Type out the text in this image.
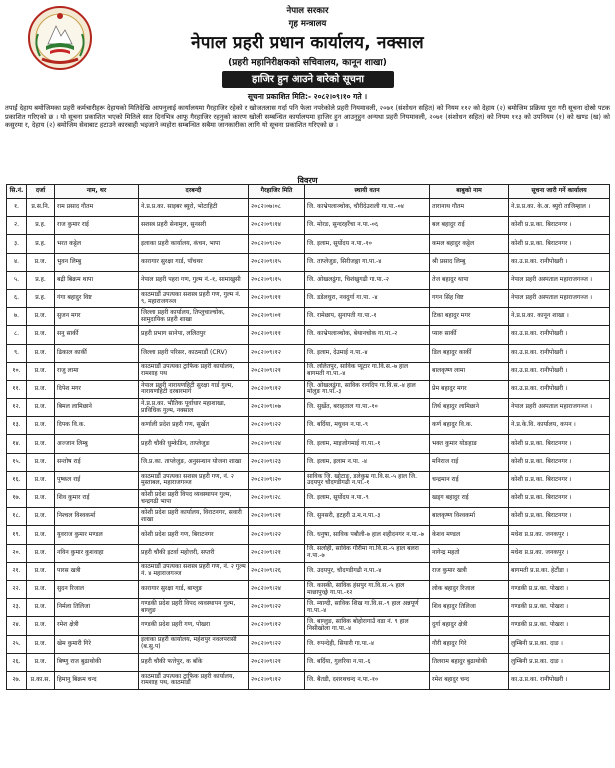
नेपाल सरकार
गृह मन्त्रालय
नेपाल प्रहरी प्रधान कार्यालय, नक्साल
(प्रहरी महानिरीक्षकको सचिवालय, कानून शाखा)
हाजिर हुन आउने बारेको सूचना
सूचना प्रकाशित मिति:- २०८२।०९।१० गते ।

तपाईं देहाय बमोजिमका प्रहरी कर्मचारीहरू देहायको मितिदेखि आफ्नुलाई कार्यालयमा गैरहाजिर रहेको र खोजतलास गर्दा पनि फेला नपरेकोले प्रहरी नियमावली, २०७१ (संशोधन सहित) को नियम ११२ को देहाय (२) बमोजिम प्रक्रिया पूरा गरी सूचना दोस्रो पटक प्रकाशित गरिएको छ । यो सूचना प्रकाशित भएको मितिले सात दिनभित्र आफू गैरहाजिर रहनुको कारण खोली सम्बन्धित कार्यालयमा हाजिर हुन आउनुहुन अन्यथा प्रहरी नियमावली, २०७१ (संशोधन सहित) को नियम ११३ को उपनियम (१) को खण्ड (ख) को कसुरमा र, देहाय (२) बमोजिम सेवाबाट हटाउने कारबाही भइजाने व्यहोरा सम्बन्धित सबैमा जानकारीका लागि यो सूचना प्रकाशित गरिएको छ ।

विवरण
सि.नं.	दर्जा	नाम, थर	दरबन्दी	गैरहाजिर मिति	स्थायी वतन	बाबुको नाम	सूचना जारी गर्ने कार्यालय
१.	प्र.स.नि.	राम प्रसाद गौतम	ने.प्र.प्र.का. साइबर ब्युरो, भोटाहिटी	२०८२।०७।०८	जि. काभ्रेपलाञ्चोक, चौरीदेउराली गा.पा.-०४	तारानाथ गौतम	ने.प्र.प्र.का. के.अ. ब्युरो ताजिम्हाल ।
२.	प्र.ह.	राज कुमार राई	सशस्त्र प्रहरी सेनामुल, सुनसरी	२०८२।०९।१४	जि. मोरङ, सुन्दरहरैंचा न.पा.-०६	बल बहादुर राई	कोशी प्र.प्र.का. बिराटनगर ।
३.	प्र.ह.	भरत कट्टेल	इलाका प्रहरी कार्यालय, कंचन, भापा	२०८२।०९।२०	जि. इलाम, सूर्योदय न.पा.-१०	कमल बहादुर कट्टेल	कोशी प्र.प्र.का. बिराटनगर ।
४.	प्र.ज.	भुवन लिम्बु	कारागार सुरक्षा गार्ड, पाँचथर	२०८२।०९।१५	जि. ताप्लेजुङ, सिरीजङ्गा गा.पा.-४	श्री प्रसाद लिम्बु	का.उ.प्र.का. रानीपोखरी ।
५.	प्र.ह.	बद्री बिक्रम थापा	नेपाल प्रहरी पहरा गण, गुल्म नं.-१, सामाखुसी	२०८२।०९।१५	जि. ओखलढुंगा, चिशंखुगढी गा.पा.-२	तेज बहादुर थापा	नेपाल प्रहरी अस्पताल महाराजगञ्ज ।
६.	प्र.ह.	गंगा बहादुर विष्ट	काठमाडौं उपत्यका सशस्त्र प्रहरी गण, गुल्म नं. ९, महाराजगञ्ज	२०८२।०९।११	जि. डडेलधुरा, नवदुर्गा गा.पा. -४	गगन सिंह विष्ट	नेपाल प्रहरी अस्पताल महाराजगञ्ज ।
७.	प्र.ज.	सुजन मगर	जिल्ला प्रहरी कार्यालय, तिप्लुचाल्चोक, सामुदायिक प्रहरी शाखा	२०८२।०९।०१	जि. रामेछाप, सुनापती गा.पा.-१	टिका बहादुर मगर	ने.प्र.प्र.का. कानून शाखा ।
८.	प्र.ज.	सनु सार्की	प्रहरी प्रभाग सानेपा, ललितपुर	२०८२।०९।११	जि. काभ्रेपलाञ्चोक, बेथानचोक गा.पा.-२	प्यारु सार्की	का.उ.प्र.का. रानीपोखरी ।
९.	प्र.ज.	ढिकाल कार्की	जिल्ला प्रहरी परिसर, काठमाडौं (CRV)	२०८२।०९।१२	जि. इलाम, देउमाई न.पा.-४	डिल बहादुर कार्की	का.उ.प्र.का. रानीपोखरी ।
१०.	प्र.ज.	राजु लामा	काठमाडौं उपत्यका ट्राफिक प्रहरी कार्यालय, रामशाह पथ	२०८२।०९।२१	जि. ललितपुर, साविक प्यूटार गा.वि.स.-७ हाल बागमती गा.पा.-४	बालकृष्ण लामा	का.उ.प्र.का. रानीपोखरी ।
११.	प्र.ज.	दिपेश मगर	नेपाल प्रहरी नारायणहिटी सुरक्षा गार्ड गुल्म, नारायणहिटी दरबारमार्ग	२०८२।०९।१२	जि. ओखलढुंगा, साविक रागदिप गा.वि.स.-४ हाल मोलुङ गा.पा.-३	प्रेम बहादुर मगर	का.उ.प्र.का. रानीपोखरी ।
१२.	प्र.ज.	बिमल लामिछाने	ने.प्र.प्र.का. भौतिक पूर्वाधार महाशाखा, प्राविधिक गुल्म, नक्साल	२०८२।०९।०७	जि. सुर्खेत, बराहताल गा.पा.-१०	तिर्थ बहादुर लामिछाने	नेपाल प्रहरी अस्पताल महाराजगञ्ज ।
१३.	प्र.ज.	दिपक वि.क.	कर्णाली प्रदेश प्रहरी गण, सुर्खेत	२०८२।०९।२२	जि. बर्दिया, मधुवन न.पा.-९	कर्ण बहादुर वि.क.	ने.प्र.के.वि. कार्यालय, कपन ।
१४.	प्र.ज.	अज्जान लिम्बु	प्रहरी चौकी धुम्केडिन, ताप्लेजुङ	२०८२।०९।२४	जि. इलाम, माइजोगमाई गा.पा.-१	भक्त कुमार योङहाङ	कोशी प्र.प्र.का. बिराटनगर ।
१५.	प्र.ज.	सन्तोष राई	जि.प्र.का. ताप्लेजुङ, अनुसन्धान योजना शाखा	२०८२।०९।२३	जि. इलाम, इलाम न.पा. -४	मनिराज राई	कोशी प्र.प्र.का. बिराटनगर ।
१६.	प्र.ज.	पुष्कल राई	काठमाडौं उपत्यका सशस्त्र प्रहरी गण, नं. २ मुस्ताबल, महाराजगञ्ज	२०८२।०९।२०	साविक जि. खोटाङ, डलेकुम्र गा.वि.स.-५ हाल जि. उदयपुर चौदण्डीगढी न.पा.-१	चन्द्रमान राई	कोशी प्र.प्र.का. बिराटनगर ।
१७.	प्र.ज.	शिव कुमार राई	कोशी प्रदेश प्रहरी विपद व्यवस्थापन गुल्म, चन्द्रगढी भापा	२०८२।०९।२८	जि. इलाम, सूर्योदय न.पा.-९	खड्ग बहादुर राई	कोशी प्र.प्र.का. बिराटनगर ।
१८.	प्र.ज.	निश्चल विश्वकर्मा	कोशी प्रदेश प्रहरी कार्यालय, विराटनगर, सवारी शाखा	२०८२।०९।२१	जि. सुनसरी, इटहरी उ.म.न.पा.-३	बालकृष्ण विश्वकर्मा	कोशी प्र.प्र.का. बिराटनगर ।
१९.	प्र.ज.	युवराज कुमार मण्डल	कोशी प्रदेश प्रहरी गण, बिराटनगर	२०८२।०९।२२	जि. धनुषा, साविक पबौली-७ हाल शहीदनगर न.पा.-७	केशव मण्डल	मधेश प्र.प्र.का. जनकपुर ।
२०.	प्र.ज.	नविन कुमार कुशवाहा	प्रहरी चौकी इटर्वा महोत्तरी, सप्तरी	२०८२।०९।२१	जि. सर्लाही, साविक गौरीमा गा.वि.स.-५ हाल बलरा न.पा.-७	नागेन्द्र महतो	मधेश प्र.प्र.का. जनकपुर ।
२१.	प्र.ज.	पारस खत्री	काठमाडौं उपत्यका सशस्त्र प्रहरी गण, नं. २ गुल्म नं. ४ महाराजगञ्ज	२०८२।०९।२६	जि. उदयपुर, चौदण्डीगढी न.पा.-४	राज कुमार खत्री	बागमती प्र.प्र.का. हेटौंडा ।
२२.	प्र.ज.	सुदन रिजाल	कारागार सुरक्षा गार्ड, बाग्लुङ	२०८२।०९।२४	जि. कास्की, साविक हंसपुर गा.वि.स.-५ हाल माछापुच्छ्रे गा.पा.-१२	लोक बहादुर रिजाल	गण्डकी प्र.प्र.का. पोखरा ।
२३.	प्र.ज.	निर्मला तिलिजा	गण्डकी प्रदेश प्रहरी विपद व्यवस्थापन गुल्म, बाग्लुङ	२०८२।०९।२२	जि. म्याग्दी, साविक शिख गा.वि.स.-९ हाल अन्नपूर्ण गा.पा.-४	शिव बहादुर तिलिजा	गण्डकी प्र.प्र.का. पोखरा ।
२४.	प्र.ज.	रमेश क्षेत्री	गण्डकी प्रदेश प्रहरी गण, पोखरा	२०८२।०९।१२	जि. बाग्लुङ, साविक बोहोरागाउँ वडा नं. ९ हाल निसीखोला गा.पा.-४	दुर्गा बहादुर क्षेत्री	गण्डकी प्र.प्र.का. पोखरा ।
२५.	प्र.ज.	खेम कुमारी गिरे	इलाका प्रहरी कार्यालय, महेशपुर नवलपरासी (ब.सु.प)	२०८२।०९।२२	जि. रुपन्देही, सियारी गा.पा.-४	गौरी बहादुर गिरे	लुम्बिनी प्र.प्र.का. दाङ ।
२६.	प्र.ज.	बिष्णु राज बुढाथोकी	प्रहरी चौकी फत्तेपुर, क बाँके	२०८२।०९।२१	जि. बर्दिया, गुलरिया न.पा.-६	तिलराम बहादुर बुढाथोकी	लुम्बिनी प्र.प्र.का. दाङ ।
२७.	प्र.का.स.	हिमानु बिक्रम चन्द	काठमाडौं उपत्यका ट्राफिक प्रहरी कार्यालय, रामशाह पथ, काठमाडौं	२०८२।०९।१२	जि. बैतडी, दशरथचन्द न.पा.-१०	रमेश बहादुर चन्द	का.उ.प्र.का. रानीपोखरी ।
